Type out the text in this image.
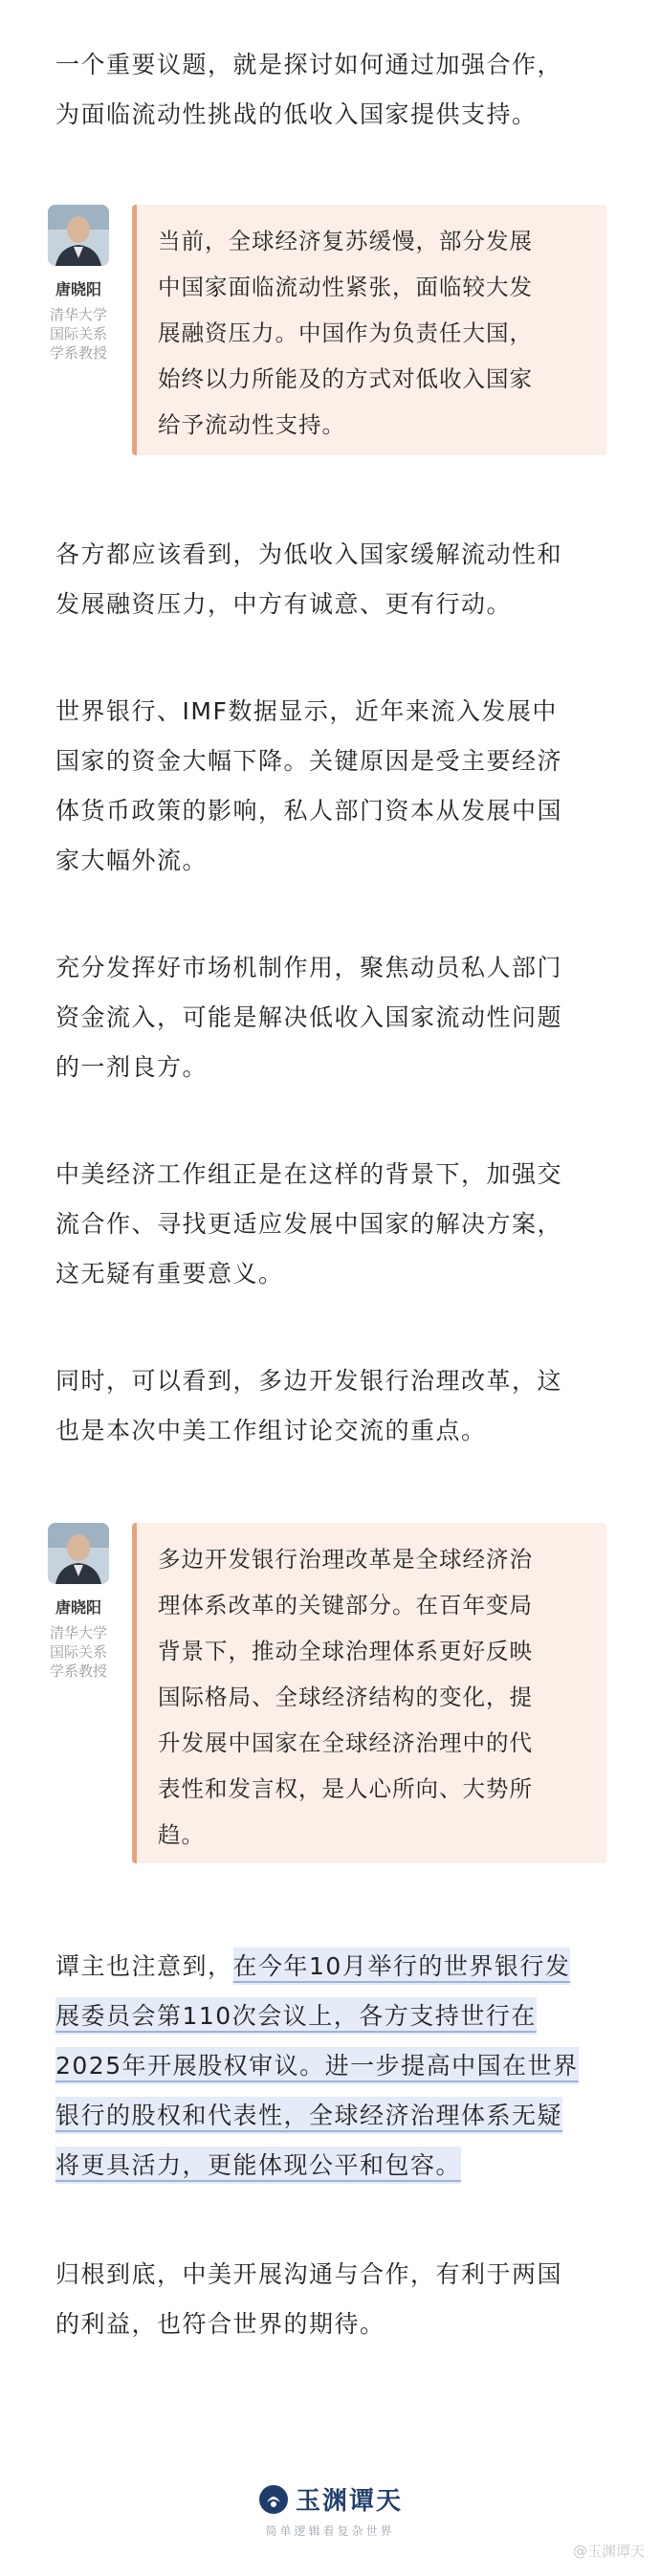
一个重要议题，就是探讨如何通过加强合作，
为面临流动性挑战的低收入国家提供支持。

唐晓阳
清华大学
国际关系
学系教授
当前，全球经济复苏缓慢，部分发展
中国家面临流动性紧张，面临较大发
展融资压力。中国作为负责任大国，
始终以力所能及的方式对低收入国家
给予流动性支持。

各方都应该看到，为低收入国家缓解流动性和
发展融资压力，中方有诚意、更有行动。

世界银行、IMF数据显示，近年来流入发展中
国家的资金大幅下降。关键原因是受主要经济
体货币政策的影响，私人部门资本从发展中国
家大幅外流。

充分发挥好市场机制作用，聚焦动员私人部门
资金流入，可能是解决低收入国家流动性问题
的一剂良方。

中美经济工作组正是在这样的背景下，加强交
流合作、寻找更适应发展中国家的解决方案，
这无疑有重要意义。

同时，可以看到，多边开发银行治理改革，这
也是本次中美工作组讨论交流的重点。

唐晓阳
清华大学
国际关系
学系教授
多边开发银行治理改革是全球经济治
理体系改革的关键部分。在百年变局
背景下，推动全球治理体系更好反映
国际格局、全球经济结构的变化，提
升发展中国家在全球经济治理中的代
表性和发言权，是人心所向、大势所
趋。

谭主也注意到，在今年10月举行的世界银行发
展委员会第110次会议上，各方支持世行在
2025年开展股权审议。进一步提高中国在世界
银行的股权和代表性，全球经济治理体系无疑
将更具活力，更能体现公平和包容。

归根到底，中美开展沟通与合作，有利于两国
的利益，也符合世界的期待。

玉渊谭天
简单逻辑看复杂世界
@玉渊谭天
